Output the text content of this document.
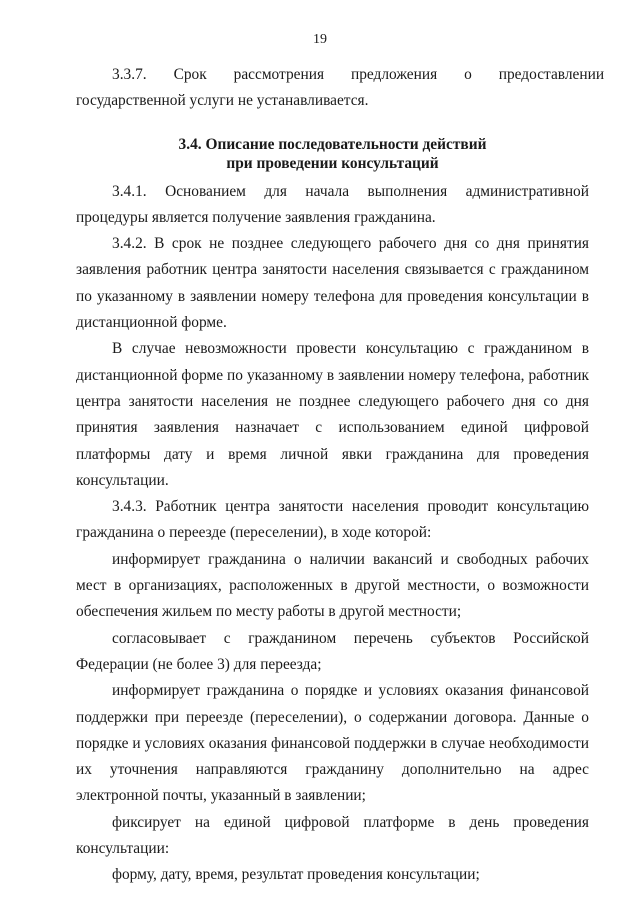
19

3.3.7.       Срок       рассмотрения       предложения       о       предоставлении государственной услуги не устанавливается.

3.4. Описание последовательности действий
при проведении консультаций

3.4.1. Основанием для начала выполнения административной процедуры является получение заявления гражданина.

3.4.2. В срок не позднее следующего рабочего дня со дня принятия заявления работник центра занятости населения связывается с гражданином по указанному в заявлении номеру телефона для проведения консультации в дистанционной форме.

В случае невозможности провести консультацию с гражданином в дистанционной форме по указанному в заявлении номеру телефона, работник центра занятости населения не позднее следующего рабочего дня со дня принятия заявления назначает с использованием единой цифровой платформы дату и время личной явки гражданина для проведения консультации.

3.4.3. Работник центра занятости населения проводит консультацию гражданина о переезде (переселении), в ходе которой:

информирует гражданина о наличии вакансий и свободных рабочих мест в организациях, расположенных в другой местности, о возможности обеспечения жильем по месту работы в другой местности;

согласовывает с гражданином перечень субъектов Российской Федерации (не более 3) для переезда;

информирует гражданина о порядке и условиях оказания финансовой поддержки при переезде (переселении), о содержании договора. Данные о порядке и условиях оказания финансовой поддержки в случае необходимости их уточнения направляются гражданину дополнительно на адрес электронной почты, указанный в заявлении;

фиксирует на единой цифровой платформе в день проведения консультации:

форму, дату, время, результат проведения консультации;
